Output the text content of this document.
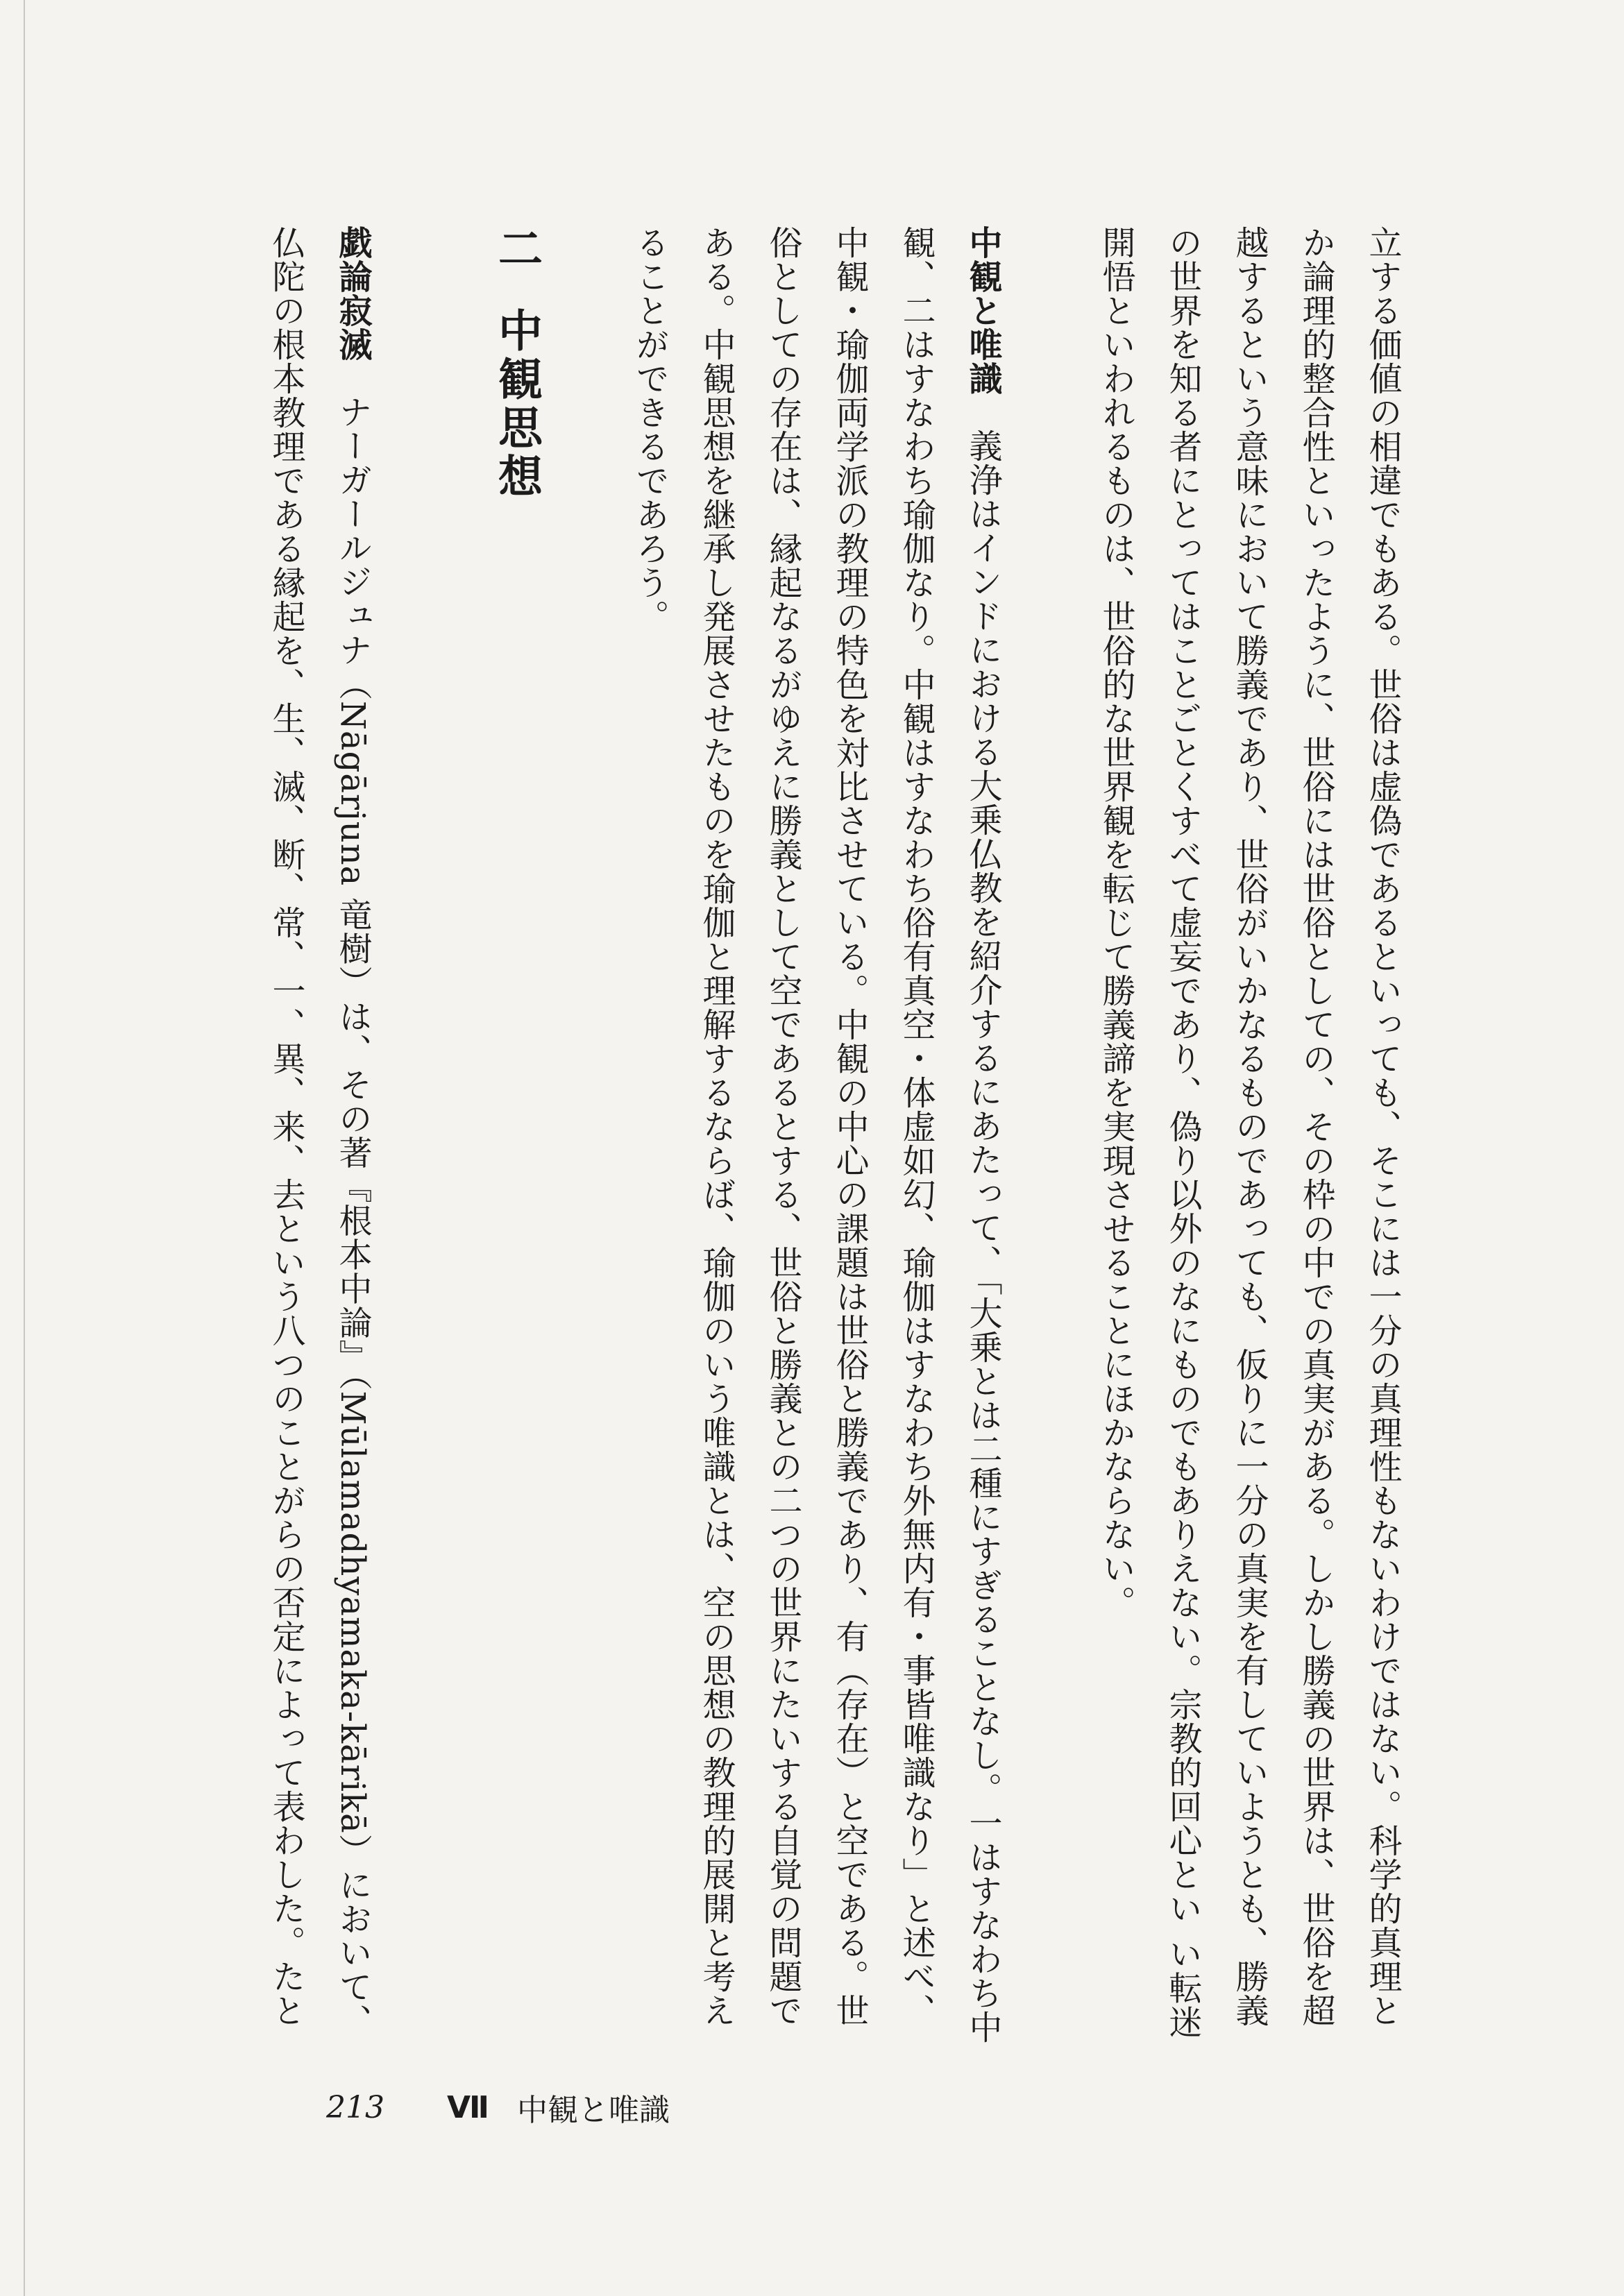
立する価値の相違でもある。世俗は虚偽であるといっても、そこには一分の真理性もないわけではない。科学的真理とか論理的整合性といったように、世俗には世俗としての、その枠の中での真実がある。しかし勝義の世界は、世俗を超越するという意味において勝義であり、世俗がいかなるものであっても、仮りに一分の真実を有していようとも、勝義の世界を知る者にとってはことごとくすべて虚妄であり、偽り以外のなにものでもありえない。宗教的回心とい い転迷開悟といわれるものは、世俗的な世界観を転じて勝義諦を実現させることにほかならない。

中観と唯識義浄はインドにおける大乗仏教を紹介するにあたって、「大乗とは二種にすぎることなし。一はすなわち中観、二はすなわち瑜伽なり。中観はすなわち俗有真空・体虚如幻、瑜伽はすなわち外無内有・事皆唯識なり」と述べ、中観・瑜伽両学派の教理の特色を対比させている。中観の中心の課題は世俗と勝義であり、有（存在）と空である。世俗としての存在は、縁起なるがゆえに勝義として空であるとする、世俗と勝義との二つの世界にたいする自覚の問題である。中観思想を継承し発展させたものを瑜伽と理解するならば、瑜伽のいう唯識とは、空の思想の教理的展開と考えることができるであろう。

二中観思想

戯論寂滅ナーガールジュナ（Nāgārjuna 竜樹）は、その著『根本中論』（Mūlamadhyamaka-kārikā）において、仏陀の根本教理である縁起を、生、滅、断、常、一、異、来、去という八つのことがらの否定によって表わした。たと

213 Ⅶ 中観と唯識
